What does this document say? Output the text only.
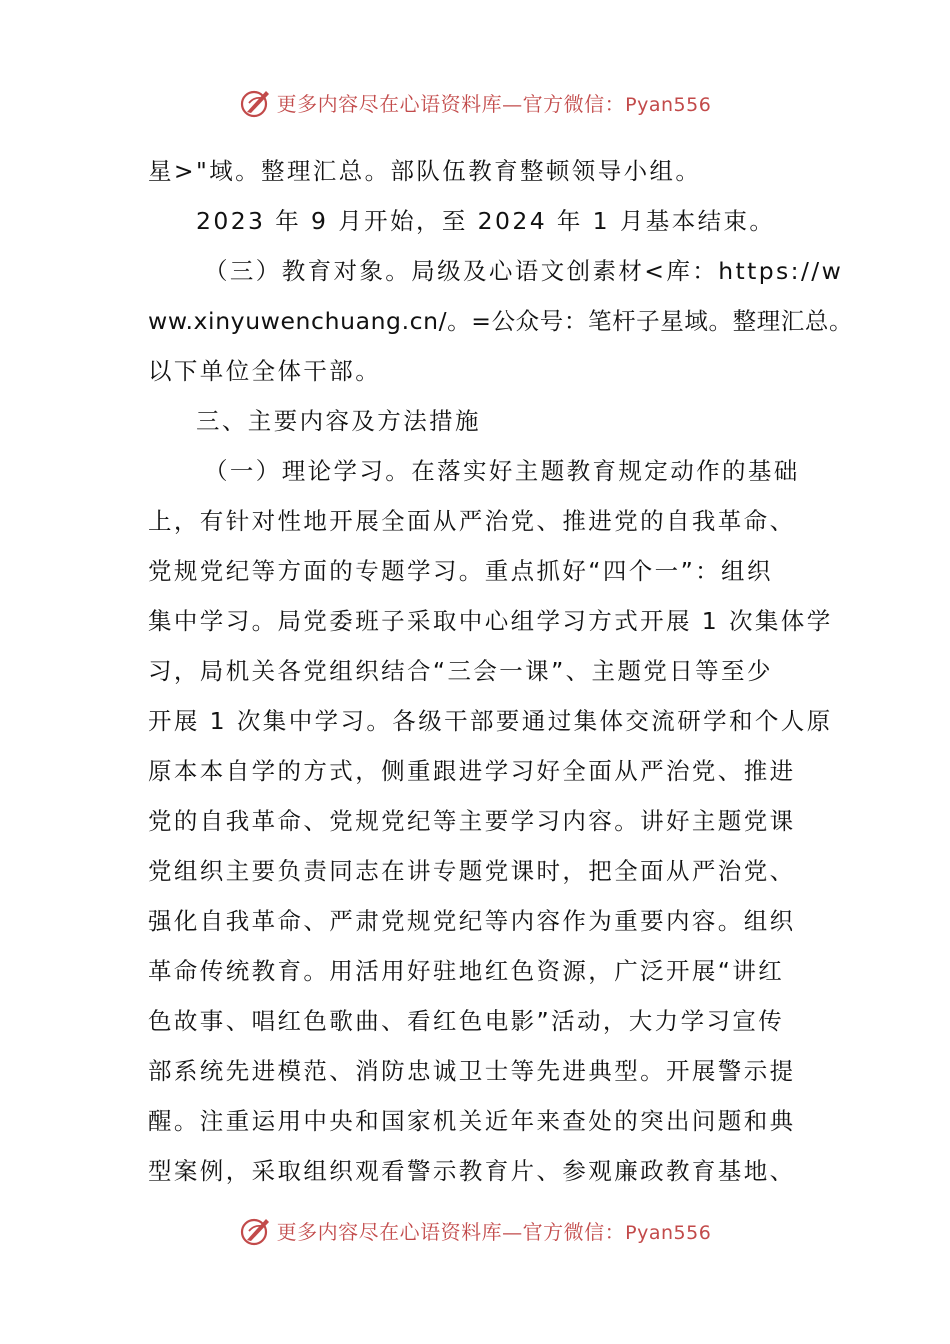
更多内容尽在心语资料库—官方微信：Pyan556
星>"域。整理汇总。部队伍教育整顿领导小组。
2023 年 9 月开始，至 2024 年 1 月基本结束。
（三）教育对象。局级及心语文创素材<库：https://w
ww.xinyuwenchuang.cn/。=公众号：笔杆子星域。整理汇总。
以下单位全体干部。
三、主要内容及方法措施
（一）理论学习。在落实好主题教育规定动作的基础
上，有针对性地开展全面从严治党、推进党的自我革命、
党规党纪等方面的专题学习。重点抓好“四个一”：组织
集中学习。局党委班子采取中心组学习方式开展 1 次集体学
习，局机关各党组织结合“三会一课”、主题党日等至少
开展 1 次集中学习。各级干部要通过集体交流研学和个人原
原本本自学的方式，侧重跟进学习好全面从严治党、推进
党的自我革命、党规党纪等主要学习内容。讲好主题党课
党组织主要负责同志在讲专题党课时，把全面从严治党、
强化自我革命、严肃党规党纪等内容作为重要内容。组织
革命传统教育。用活用好驻地红色资源，广泛开展“讲红
色故事、唱红色歌曲、看红色电影”活动，大力学习宣传
部系统先进模范、消防忠诚卫士等先进典型。开展警示提
醒。注重运用中央和国家机关近年来查处的突出问题和典
型案例，采取组织观看警示教育片、参观廉政教育基地、
更多内容尽在心语资料库—官方微信：Pyan556
